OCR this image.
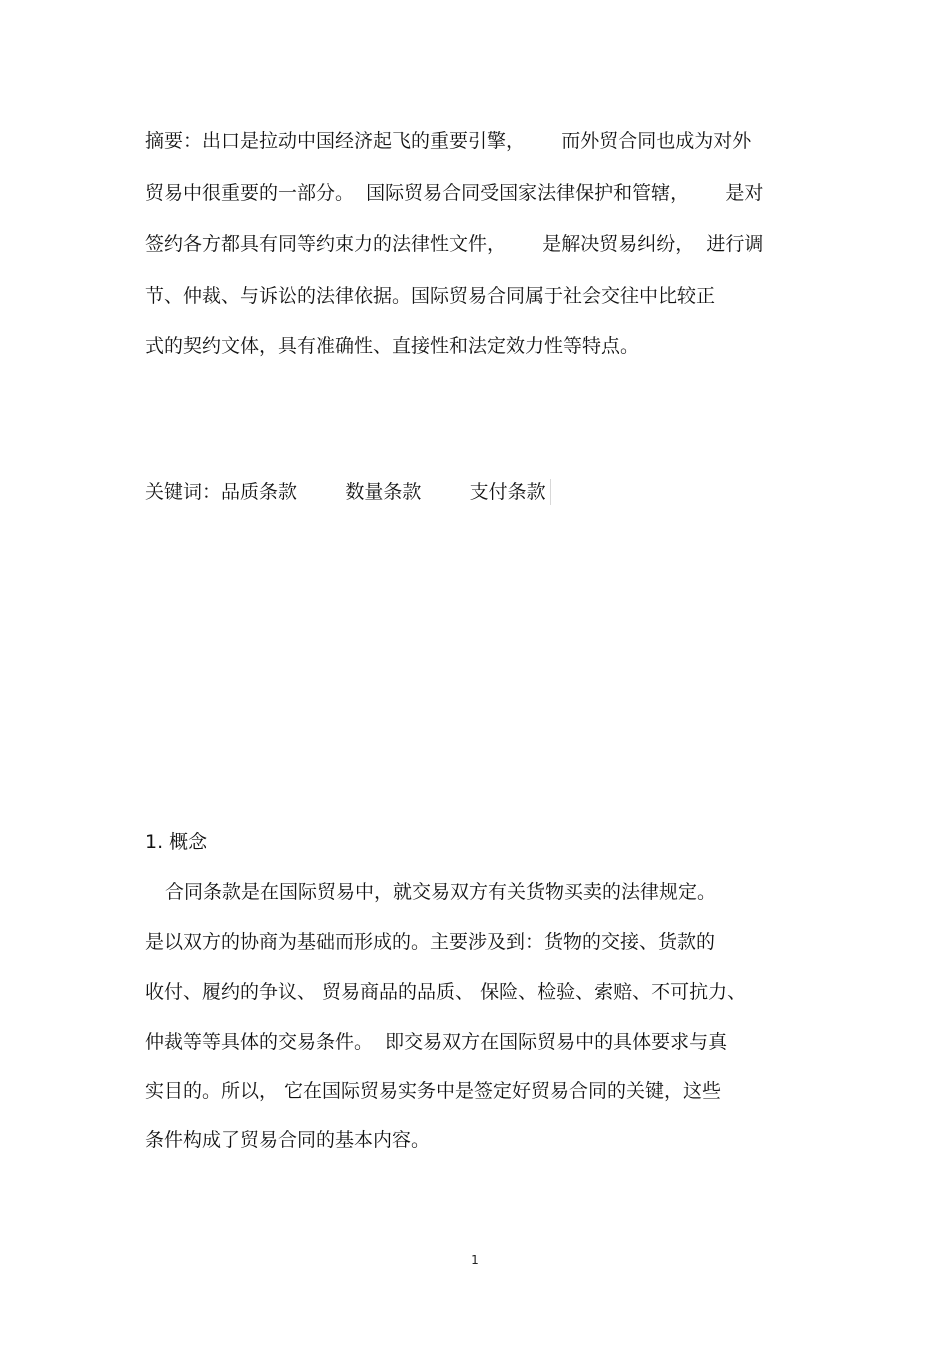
摘要：出口是拉动中国经济起飞的重要引擎，      而外贸合同也成为对外
贸易中很重要的一部分。  国际贸易合同受国家法律保护和管辖，      是对
签约各方都具有同等约束力的法律性文件，      是解决贸易纠纷，  进行调
节、仲裁、与诉讼的法律依据。国际贸易合同属于社会交往中比较正
式的契约文体，具有准确性、直接性和法定效力性等特点。
关键词：品质条款        数量条款        支付条款
1. 概念
合同条款是在国际贸易中，就交易双方有关货物买卖的法律规定。
是以双方的协商为基础而形成的。主要涉及到：货物的交接、货款的
收付、履约的争议、 贸易商品的品质、 保险、检验、索赔、不可抗力、
仲裁等等具体的交易条件。  即交易双方在国际贸易中的具体要求与真
实目的。所以， 它在国际贸易实务中是签定好贸易合同的关键，这些
条件构成了贸易合同的基本内容。
1
